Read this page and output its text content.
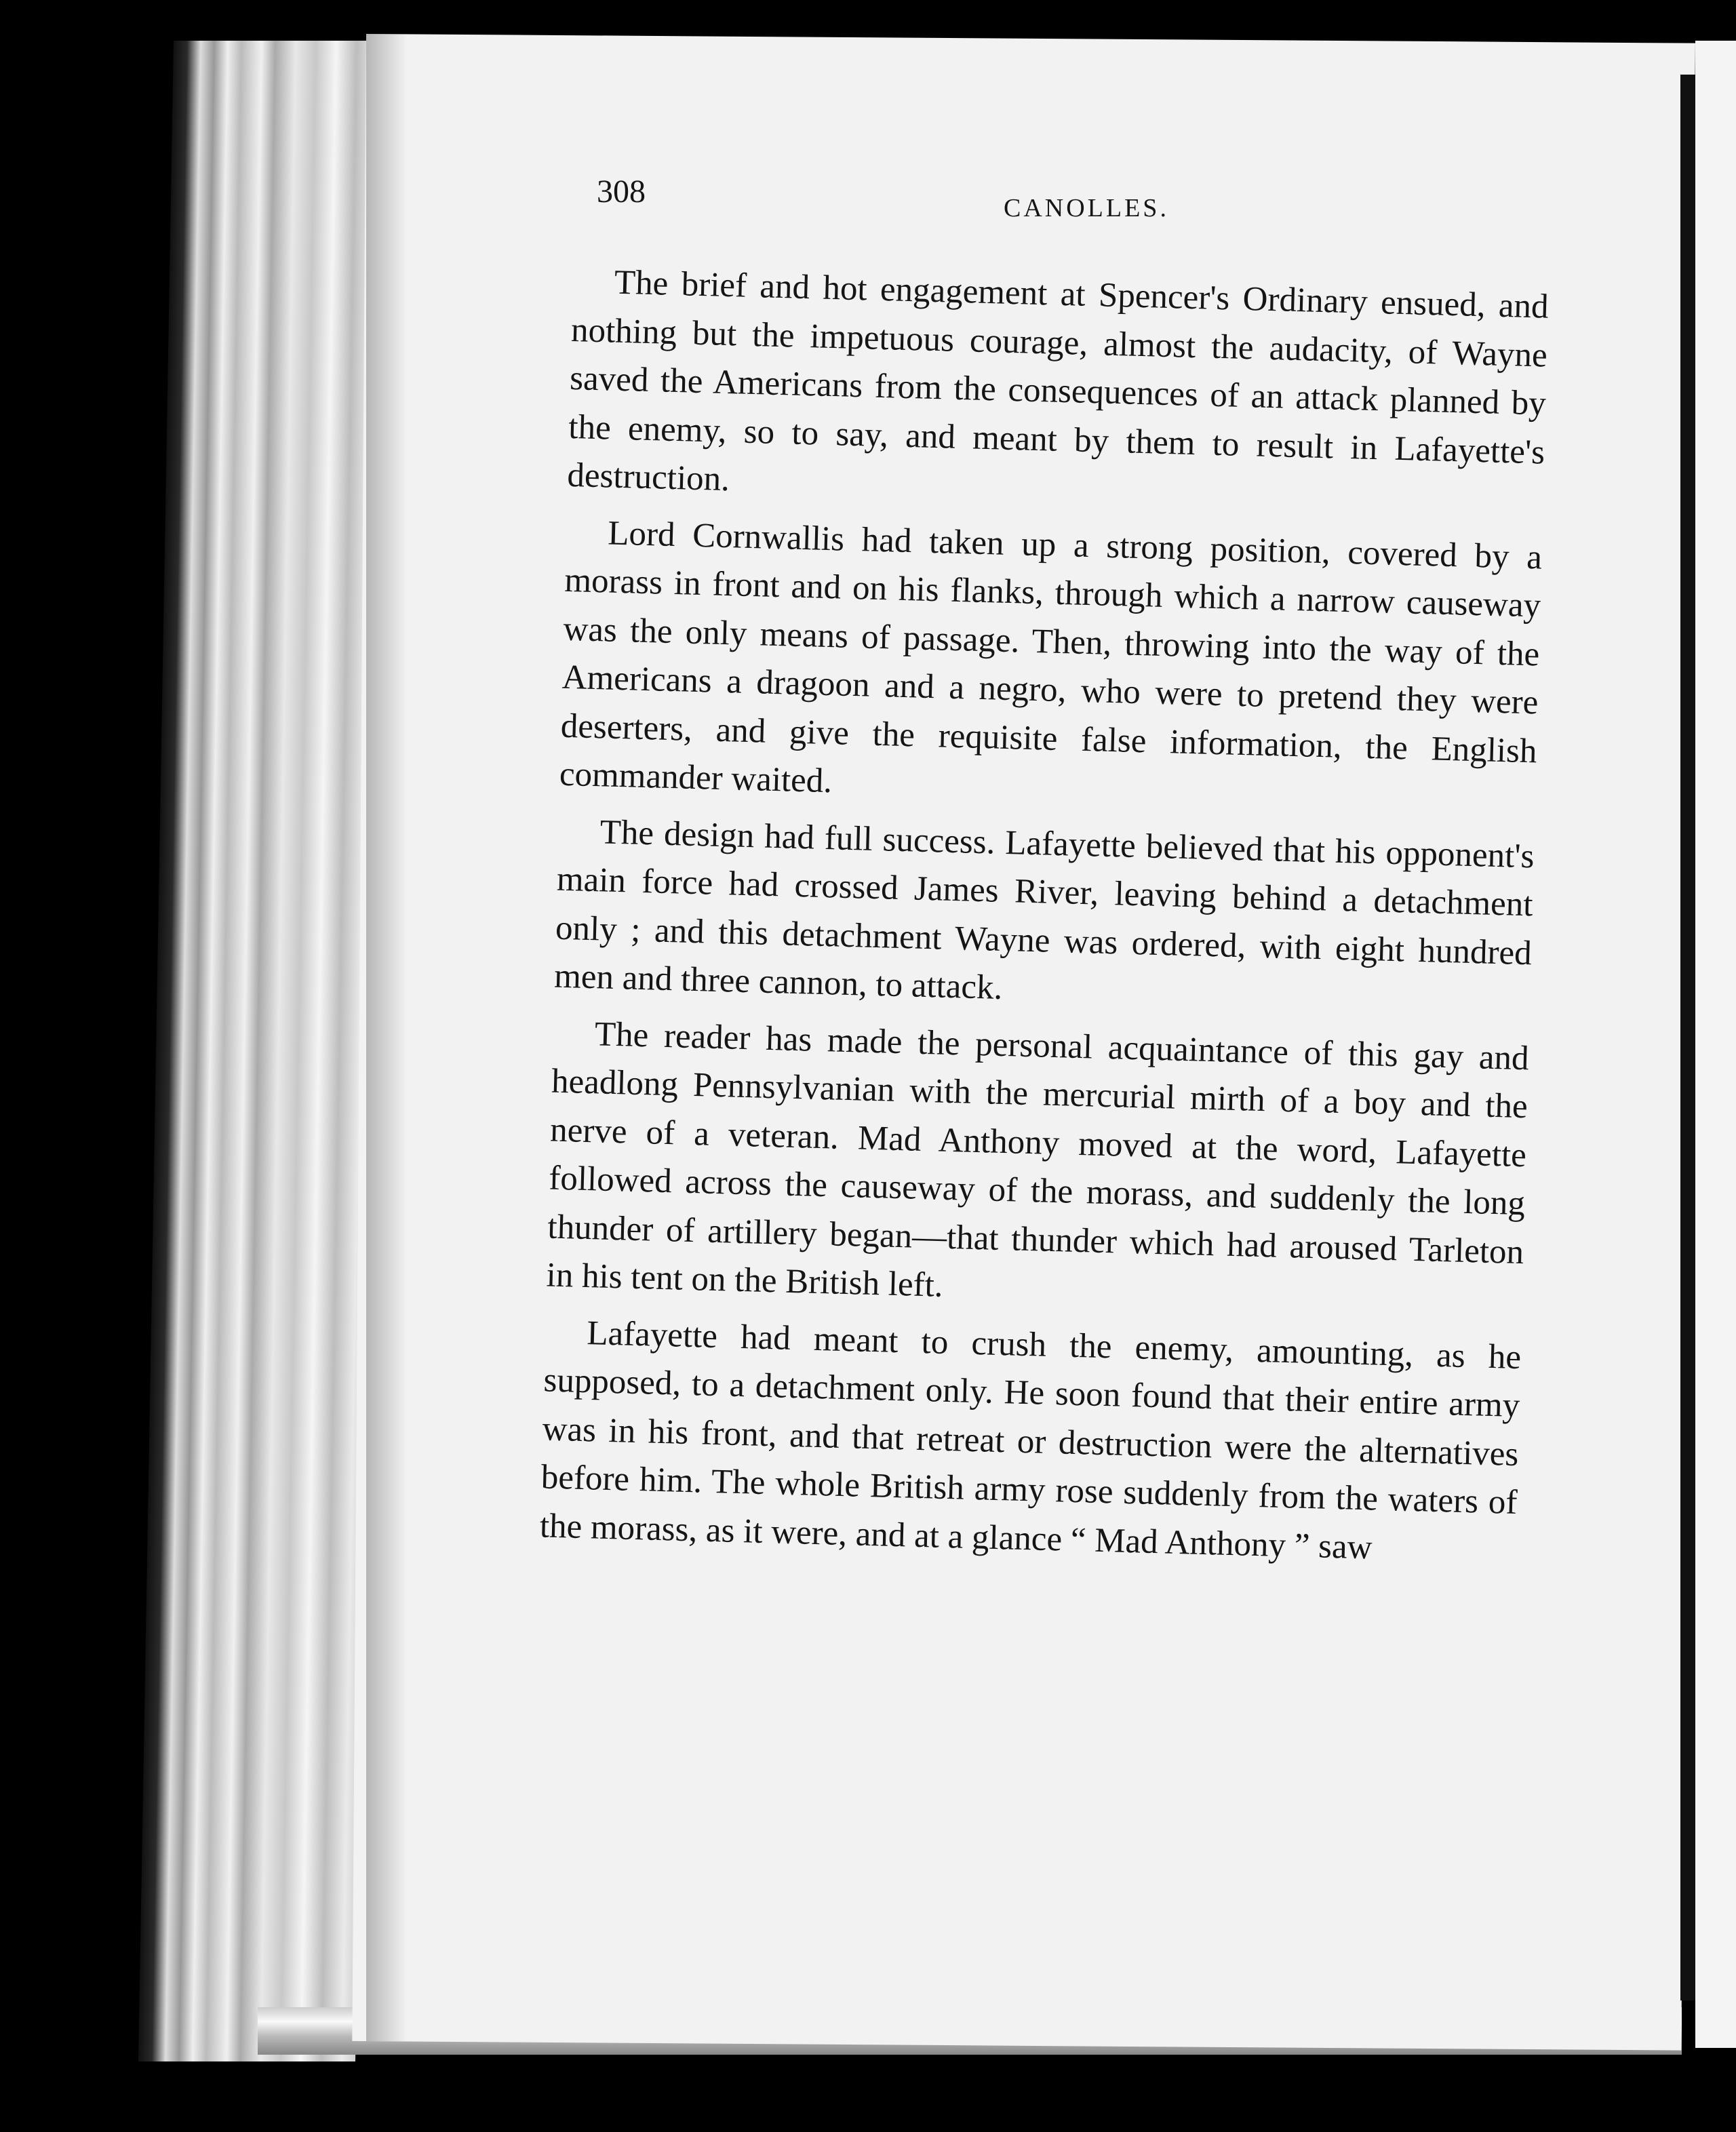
308	CANOLLES.

The brief and hot engagement at Spencer's Ordinary ensued, and nothing but the impetuous courage, almost the audacity, of Wayne saved the Americans from the consequences of an attack planned by the enemy, so to say, and meant by them to result in Lafayette's destruction.

Lord Cornwallis had taken up a strong position, covered by a morass in front and on his flanks, through which a narrow causeway was the only means of passage. Then, throwing into the way of the Americans a dragoon and a negro, who were to pretend they were deserters, and give the requisite false information, the English commander waited.

The design had full success. Lafayette believed that his opponent's main force had crossed James River, leaving behind a detachment only ; and this detachment Wayne was ordered, with eight hundred men and three cannon, to attack.

The reader has made the personal acquaintance of this gay and headlong Pennsylvanian with the mercurial mirth of a boy and the nerve of a veteran. Mad Anthony moved at the word, Lafayette followed across the causeway of the morass, and suddenly the long thunder of artillery began—that thunder which had aroused Tarleton in his tent on the British left.

Lafayette had meant to crush the enemy, amounting, as he supposed, to a detachment only. He soon found that their entire army was in his front, and that retreat or destruction were the alternatives before him. The whole British army rose suddenly from the waters of the morass, as it were, and at a glance “ Mad Anthony ” saw
